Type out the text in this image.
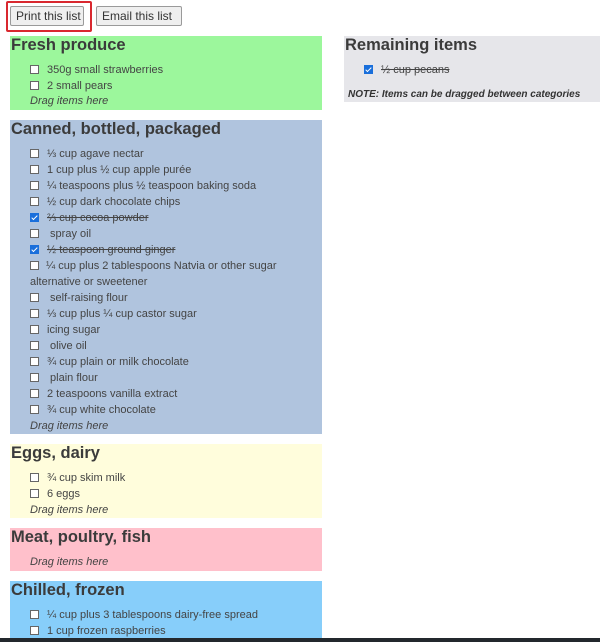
Print this list	Email this list
Fresh produce
350g small strawberries
2 small pears
Drag items here
Canned, bottled, packaged
⅓ cup agave nectar
1 cup plus ½ cup apple purée
¼ teaspoons plus ½ teaspoon baking soda
½ cup dark chocolate chips
⅔ cup cocoa powder
spray oil
½ teaspoon ground ginger
¼ cup plus 2 tablespoons Natvia or other sugar alternative or sweetener
self-raising flour
⅓ cup plus ¼ cup castor sugar
icing sugar
olive oil
¾ cup plain or milk chocolate
plain flour
2 teaspoons vanilla extract
¾ cup white chocolate
Drag items here
Eggs, dairy
¾ cup skim milk
6 eggs
Drag items here
Meat, poultry, fish
Drag items here
Chilled, frozen
¼ cup plus 3 tablespoons dairy-free spread
1 cup frozen raspberries
Remaining items
½ cup pecans
NOTE: Items can be dragged between categories
